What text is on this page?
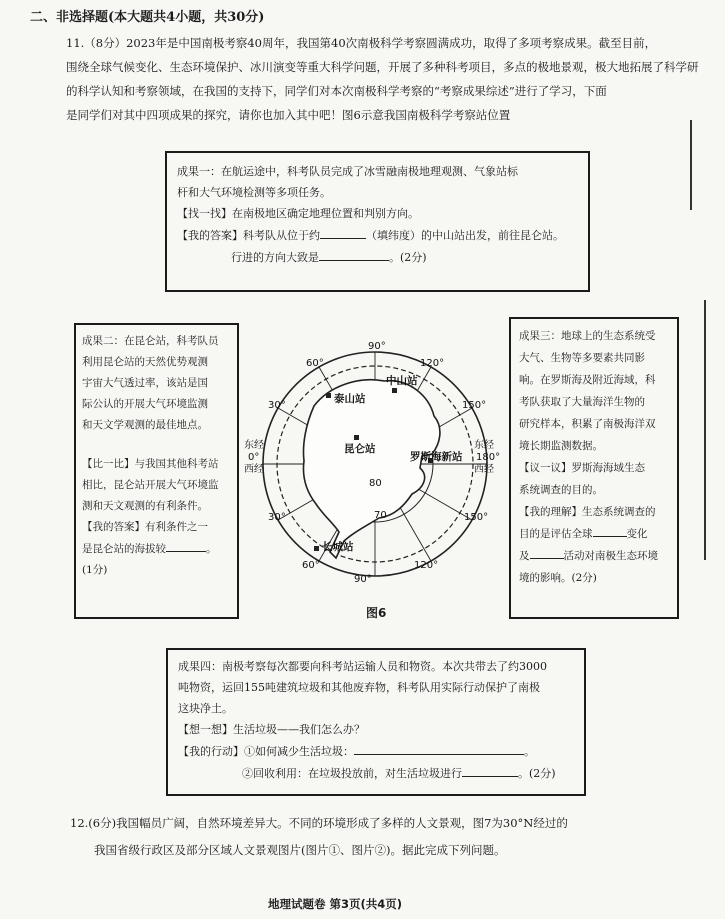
二、非选择题(本大题共4小题，共30分)
11.（8分）2023年是中国南极考察40周年，我国第40次南极科学考察圆满成功，取得了多项考察成果。截至目前，
围绕全球气候变化、生态环境保护、冰川演变等重大科学问题，开展了多种科考项目，多点的极地景观，极大地拓展了科学研
的科学认知和考察领域，在我国的支持下，同学们对本次南极科学考察的“考察成果综述”进行了学习，下面
是同学们对其中四项成果的探究，请你也加入其中吧！图6示意我国南极科学考察站位置
成果一：在航运途中，科考队员完成了冰雪融南极地理观测、气象站标
杆和大气环境检测等多项任务。
【找一找】在南极地区确定地理位置和判别方向。
【我的答案】科考队从位于约	（填纬度）的中山站出发，前往昆仑站。
行进的方向大致是	。(2分)
成果二：在昆仑站，科考队员
利用昆仑站的天然优势观测
宇宙大气透过率，该站是国
际公认的开展大气环境监测
和天文学观测的最佳地点。
【比一比】与我国其他科考站
相比，昆仑站开展大气环境监
测和天文观测的有利条件。
【我的答案】有利条件之一
是昆仑站的海拔较	。
(1分)
成果三：地球上的生态系统受
大气、生物等多要素共同影
响。在罗斯海及附近海域，科
考队获取了大量海洋生物的
研究样本，积累了南极海洋双
境长期监测数据。
【议一议】罗斯海海域生态
系统调查的目的。
【我的理解】生态系统调查的
目的是评估全球	变化
及	活动对南极生态环境
境的影响。(2分)
90°
120°
60°
150°
30°
150°
30°
120°
90°
60°
东经
0°
西经
东经
180°
西经
80
70
泰山站
昆仑站
中山站
罗斯海新站
长城站
图6
成果四：南极考察每次都要向科考站运输人员和物资。本次共带去了约3000
吨物资，运回155吨建筑垃圾和其他废弃物，科考队用实际行动保护了南极
这块净土。
【想一想】生活垃圾——我们怎么办？
【我的行动】①如何减少生活垃圾：	。
②回收利用：在垃圾投放前，对生活垃圾进行	。(2分)
12.(6分)我国幅员广阔，自然环境差异大。不同的环境形成了多样的人文景观，图7为30°N经过的
我国省级行政区及部分区域人文景观图片(图片①、图片②)。据此完成下列问题。
地理试题卷 第3页(共4页)
